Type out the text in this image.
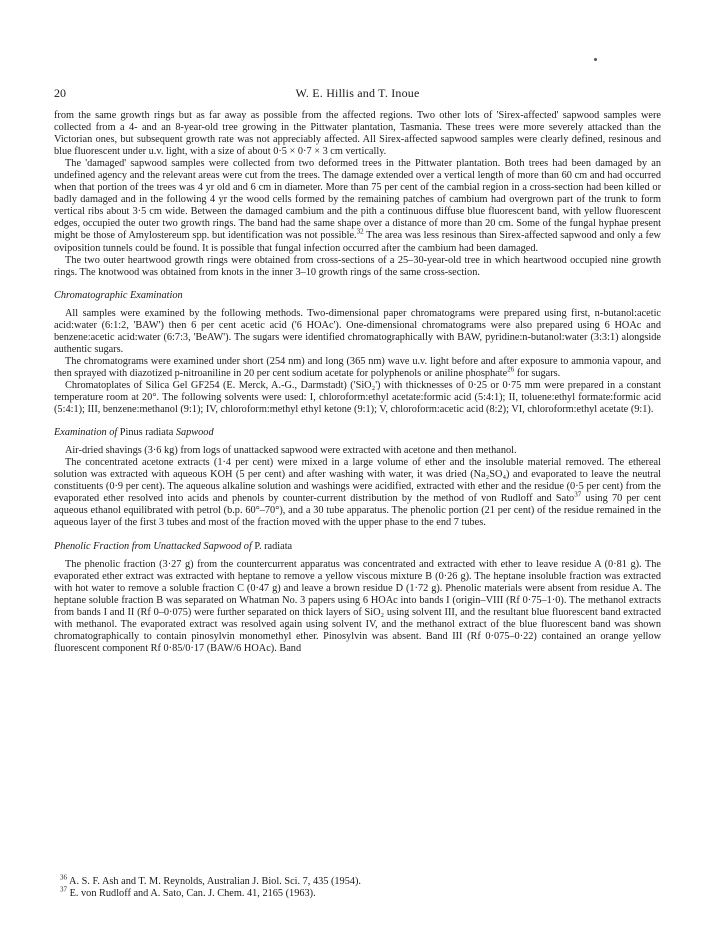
20	W. E. Hillis and T. Inoue

from the same growth rings but as far away as possible from the affected regions. Two other lots of 'Sirex-affected' sapwood samples were collected from a 4- and an 8-year-old tree growing in the Pittwater plantation, Tasmania. These trees were more severely attacked than the Victorian ones, but subsequent growth rate was not appreciably affected. All Sirex-affected sapwood samples were clearly defined, resinous and blue fluorescent under u.v. light, with a size of about 0·5 × 0·7 × 3 cm vertically.

The 'damaged' sapwood samples were collected from two deformed trees in the Pittwater plantation. Both trees had been damaged by an undefined agency and the relevant areas were cut from the trees. The damage extended over a vertical length of more than 60 cm and had occurred when that portion of the trees was 4 yr old and 6 cm in diameter. More than 75 per cent of the cambial region in a cross-section had been killed or badly damaged and in the following 4 yr the wood cells formed by the remaining patches of cambium had overgrown part of the trunk to form vertical ribs about 3·5 cm wide. Between the damaged cambium and the pith a continuous diffuse blue fluorescent band, with yellow fluorescent edges, occupied the outer two growth rings. The band had the same shape over a distance of more than 20 cm. Some of the fungal hyphae present might be those of Amylostereum spp. but identification was not possible.$^{32}$ The area was less resinous than Sirex-affected sapwood and only a few oviposition tunnels could be found. It is possible that fungal infection occurred after the cambium had been damaged.

The two outer heartwood growth rings were obtained from cross-sections of a 25–30-year-old tree in which heartwood occupied nine growth rings. The knotwood was obtained from knots in the inner 3–10 growth rings of the same cross-section.

Chromatographic Examination

All samples were examined by the following methods. Two-dimensional paper chromatograms were prepared using first, n-butanol:acetic acid:water (6:1:2, 'BAW') then 6 per cent acetic acid ('6 HOAc'). One-dimensional chromatograms were also prepared using 6 HOAc and benzene:acetic acid:water (6:7:3, 'BeAW'). The sugars were identified chromatographically with BAW, pyridine:n-butanol:water (3:3:1) alongside authentic sugars.

The chromatograms were examined under short (254 nm) and long (365 nm) wave u.v. light before and after exposure to ammonia vapour, and then sprayed with diazotized p-nitroaniline in 20 per cent sodium acetate for polyphenols or aniline phosphate$^{26}$ for sugars.

Chromatoplates of Silica Gel GF254 (E. Merck, A.-G., Darmstadt) ('SiO₂') with thicknesses of 0·25 or 0·75 mm were prepared in a constant temperature room at 20°. The following solvents were used: I, chloroform:ethyl acetate:formic acid (5:4:1); II, toluene:ethyl formate:formic acid (5:4:1); III, benzene:methanol (9:1); IV, chloroform:methyl ethyl ketone (9:1); V, chloroform:acetic acid (8:2); VI, chloroform:ethyl acetate (9:1).

Examination of Pinus radiata Sapwood

Air-dried shavings (3·6 kg) from logs of unattacked sapwood were extracted with acetone and then methanol.

The concentrated acetone extracts (1·4 per cent) were mixed in a large volume of ether and the insoluble material removed. The ethereal solution was extracted with aqueous KOH (5 per cent) and after washing with water, it was dried (Na₂SO₄) and evaporated to leave the neutral constituents (0·9 per cent). The aqueous alkaline solution and washings were acidified, extracted with ether and the residue (0·5 per cent) from the evaporated ether resolved into acids and phenols by counter-current distribution by the method of von Rudloff and Sato$^{37}$ using 70 per cent aqueous ethanol equilibrated with petrol (b.p. 60°–70°), and a 30 tube apparatus. The phenolic portion (21 per cent) of the residue remained in the aqueous layer of the first 3 tubes and most of the fraction moved with the upper phase to the end 7 tubes.

Phenolic Fraction from Unattacked Sapwood of P. radiata

The phenolic fraction (3·27 g) from the countercurrent apparatus was concentrated and extracted with ether to leave residue A (0·81 g). The evaporated ether extract was extracted with heptane to remove a yellow viscous mixture B (0·26 g). The heptane insoluble fraction was extracted with hot water to remove a soluble fraction C (0·47 g) and leave a brown residue D (1·72 g). Phenolic materials were absent from residue A. The heptane soluble fraction B was separated on Whatman No. 3 papers using 6 HOAc into bands I (origin–VIII (Rf 0·75–1·0). The methanol extracts from bands I and II (Rf 0–0·075) were further separated on thick layers of SiO₂ using solvent III, and the resultant blue fluorescent band extracted with methanol. The evaporated extract was resolved again using solvent IV, and the methanol extract of the blue fluorescent band was shown chromatographically to contain pinosylvin monomethyl ether. Pinosylvin was absent. Band III (Rf 0·075–0·22) contained an orange yellow fluorescent component Rf 0·85/0·17 (BAW/6 HOAc). Band

$^{36}$ A. S. F. Ash and T. M. Reynolds, Australian J. Biol. Sci. 7, 435 (1954).

$^{37}$ E. von Rudloff and A. Sato, Can. J. Chem. 41, 2165 (1963).
